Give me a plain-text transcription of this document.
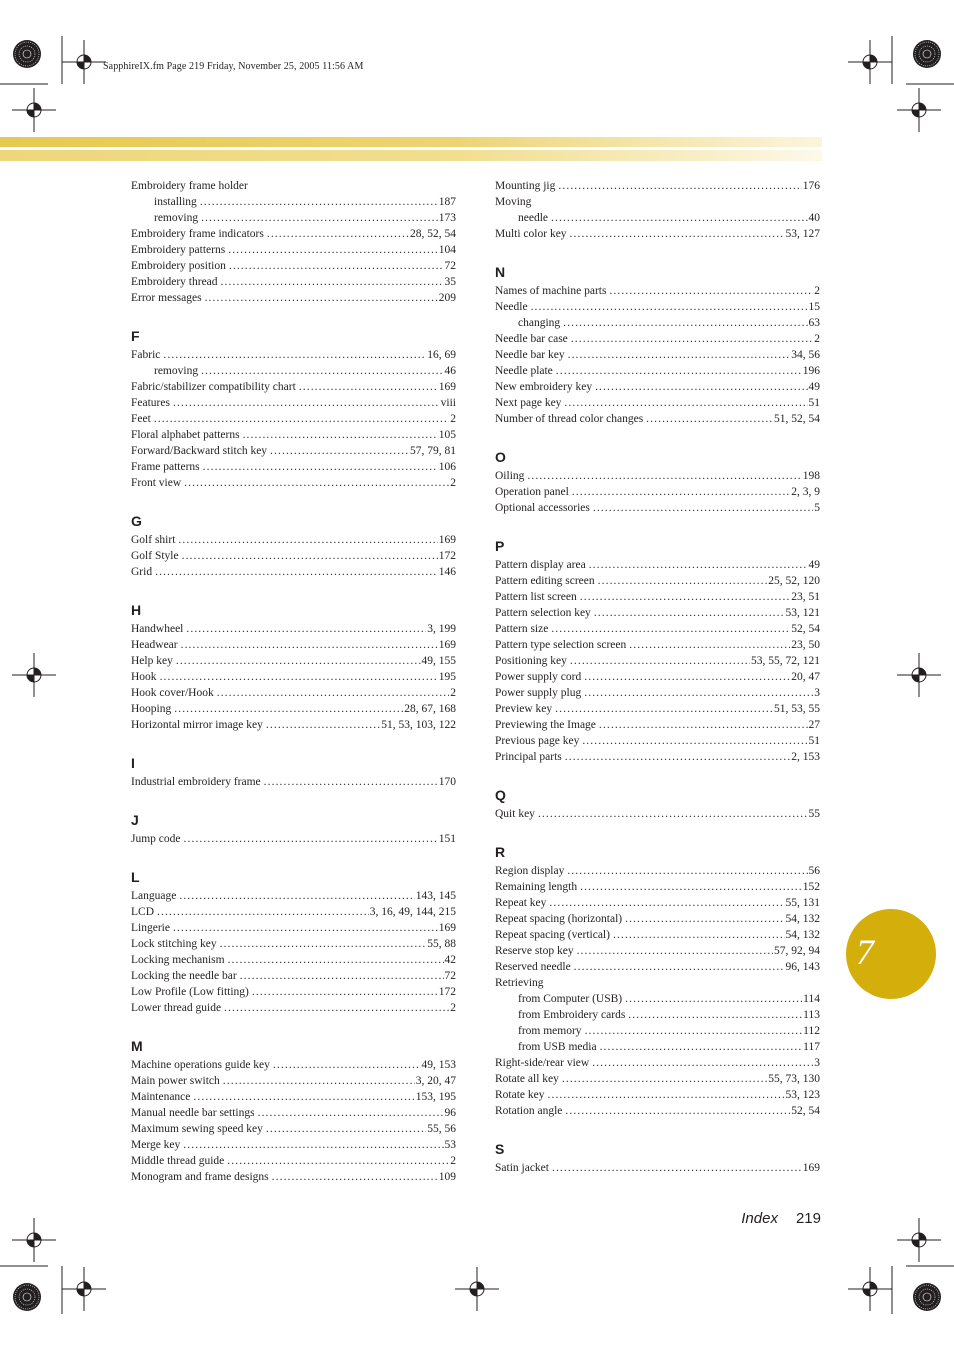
SapphireIX.fm Page 219 Friday, November 25, 2005 11:56 AM
Embroidery frame holder
installing .....	187
removing .....	173
Embroidery frame indicators .....	28, 52, 54
Embroidery patterns .....	104
Embroidery position .....	72
Embroidery thread .....	35
Error messages .....	209
F
Fabric .....	16, 69
removing .....	46
Fabric/stabilizer compatibility chart .....	169
Features .....	viii
Feet .....	2
Floral alphabet patterns .....	105
Forward/Backward stitch key .....	57, 79, 81
Frame patterns .....	106
Front view .....	2
G
Golf shirt .....	169
Golf Style .....	172
Grid .....	146
H
Handwheel .....	3, 199
Headwear .....	169
Help key .....	49, 155
Hook .....	195
Hook cover/Hook .....	2
Hooping .....	28, 67, 168
Horizontal mirror image key .....	51, 53, 103, 122
I
Industrial embroidery frame .....	170
J
Jump code .....	151
L
Language .....	143, 145
LCD .....	3, 16, 49, 144, 215
Lingerie .....	169
Lock stitching key .....	55, 88
Locking mechanism .....	42
Locking the needle bar .....	72
Low Profile (Low fitting) .....	172
Lower thread guide .....	2
M
Machine operations guide key .....	49, 153
Main power switch .....	3, 20, 47
Maintenance .....	153, 195
Manual needle bar settings .....	96
Maximum sewing speed key .....	55, 56
Merge key .....	53
Middle thread guide .....	2
Monogram and frame designs .....	109
Mounting jig .....	176
Moving
needle .....	40
Multi color key .....	53, 127
N
Names of machine parts .....	2
Needle .....	15
changing .....	63
Needle bar case .....	2
Needle bar key .....	34, 56
Needle plate .....	196
New embroidery key .....	49
Next page key .....	51
Number of thread color changes .....	51, 52, 54
O
Oiling .....	198
Operation panel .....	2, 3, 9
Optional accessories .....	5
P
Pattern display area .....	49
Pattern editing screen .....	25, 52, 120
Pattern list screen .....	23, 51
Pattern selection key .....	53, 121
Pattern size .....	52, 54
Pattern type selection screen .....	23, 50
Positioning key .....	53, 55, 72, 121
Power supply cord .....	20, 47
Power supply plug .....	3
Preview key .....	51, 53, 55
Previewing the Image .....	27
Previous page key .....	51
Principal parts .....	2, 153
Q
Quit key .....	55
R
Region display .....	56
Remaining length .....	152
Repeat key .....	55, 131
Repeat spacing (horizontal) .....	54, 132
Repeat spacing (vertical) .....	54, 132
Reserve stop key .....	57, 92, 94
Reserved needle .....	96, 143
Retrieving
from Computer (USB) .....	114
from Embroidery cards .....	113
from memory .....	112
from USB media .....	117
Right-side/rear view .....	3
Rotate all key .....	55, 73, 130
Rotate key .....	53, 123
Rotation angle .....	52, 54
S
Satin jacket .....	169
Index 219
7
